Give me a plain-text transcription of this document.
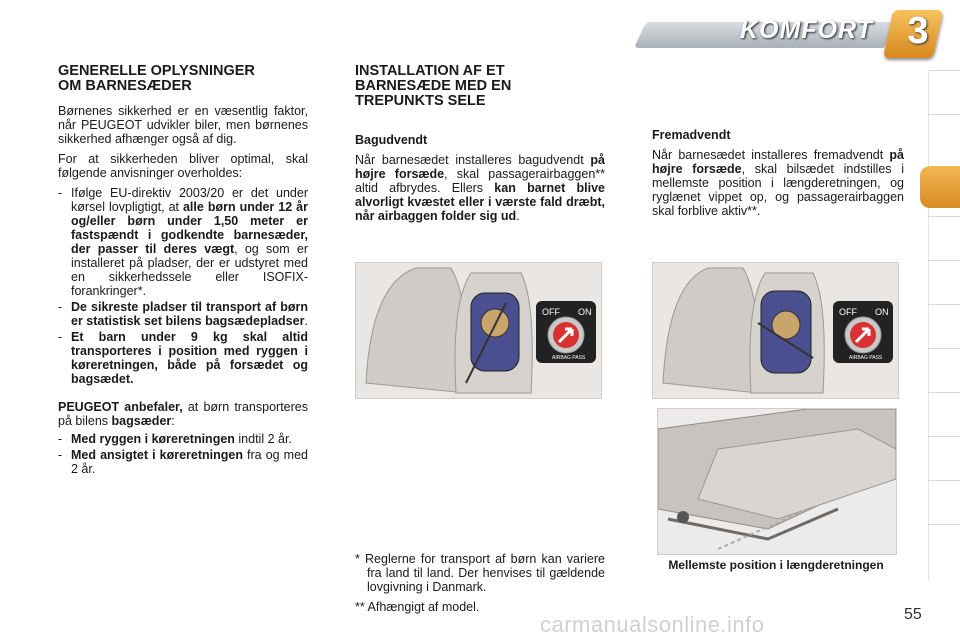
KOMFORT 3
GENERELLE OPLYSNINGER
OM BARNESÆDER

Børnenes sikkerhed er en væsentlig faktor, når PEUGEOT udvikler biler, men børnenes sikkerhed afhænger også af dig.

For at sikkerheden bliver optimal, skal følgende anvisninger overholdes:

- Ifølge EU-direktiv 2003/20 er det under kørsel lovpligtigt, at alle børn under 12 år og/eller børn under 1,50 meter er fastspændt i godkendte barnesæder, der passer til deres vægt, og som er installeret på pladser, der er udstyret med en sikkerhedssele eller ISOFIX-forankringer*.
- De sikreste pladser til transport af børn er statistisk set bilens bagsædepladser.
- Et barn under 9 kg skal altid transporteres i position med ryggen i køreretningen, både på forsædet og bagsædet.

PEUGEOT anbefaler, at børn transporteres på bilens bagsæder:

- Med ryggen i køreretningen indtil 2 år.
- Med ansigtet i køreretningen fra og med 2 år.
INSTALLATION AF ET
BARNESÆDE MED EN
TREPUNKTS SELE
Bagudvendt

Når barnesædet installeres bagudvendt på højre forsæde, skal passagerairbaggen** altid afbrydes. Ellers kan barnet blive alvorligt kvæstet eller i værste fald dræbt, når airbaggen folder sig ud.

* Reglerne for transport af børn kan variere fra land til land. Der henvises til gældende lovgivning i Danmark.

** Afhængigt af model.

Fremadvendt

Når barnesædet installeres fremadvendt på højre forsæde, skal bilsædet indstilles i mellemste position i længderetningen, og ryglænet vippet op, og passagerairbaggen skal forblive aktiv**.

OFF ON
AIRBAG PASS
OFF ON
AIRBAG PASS
Mellemste position i længderetningen
carmanualsonline.info	55
